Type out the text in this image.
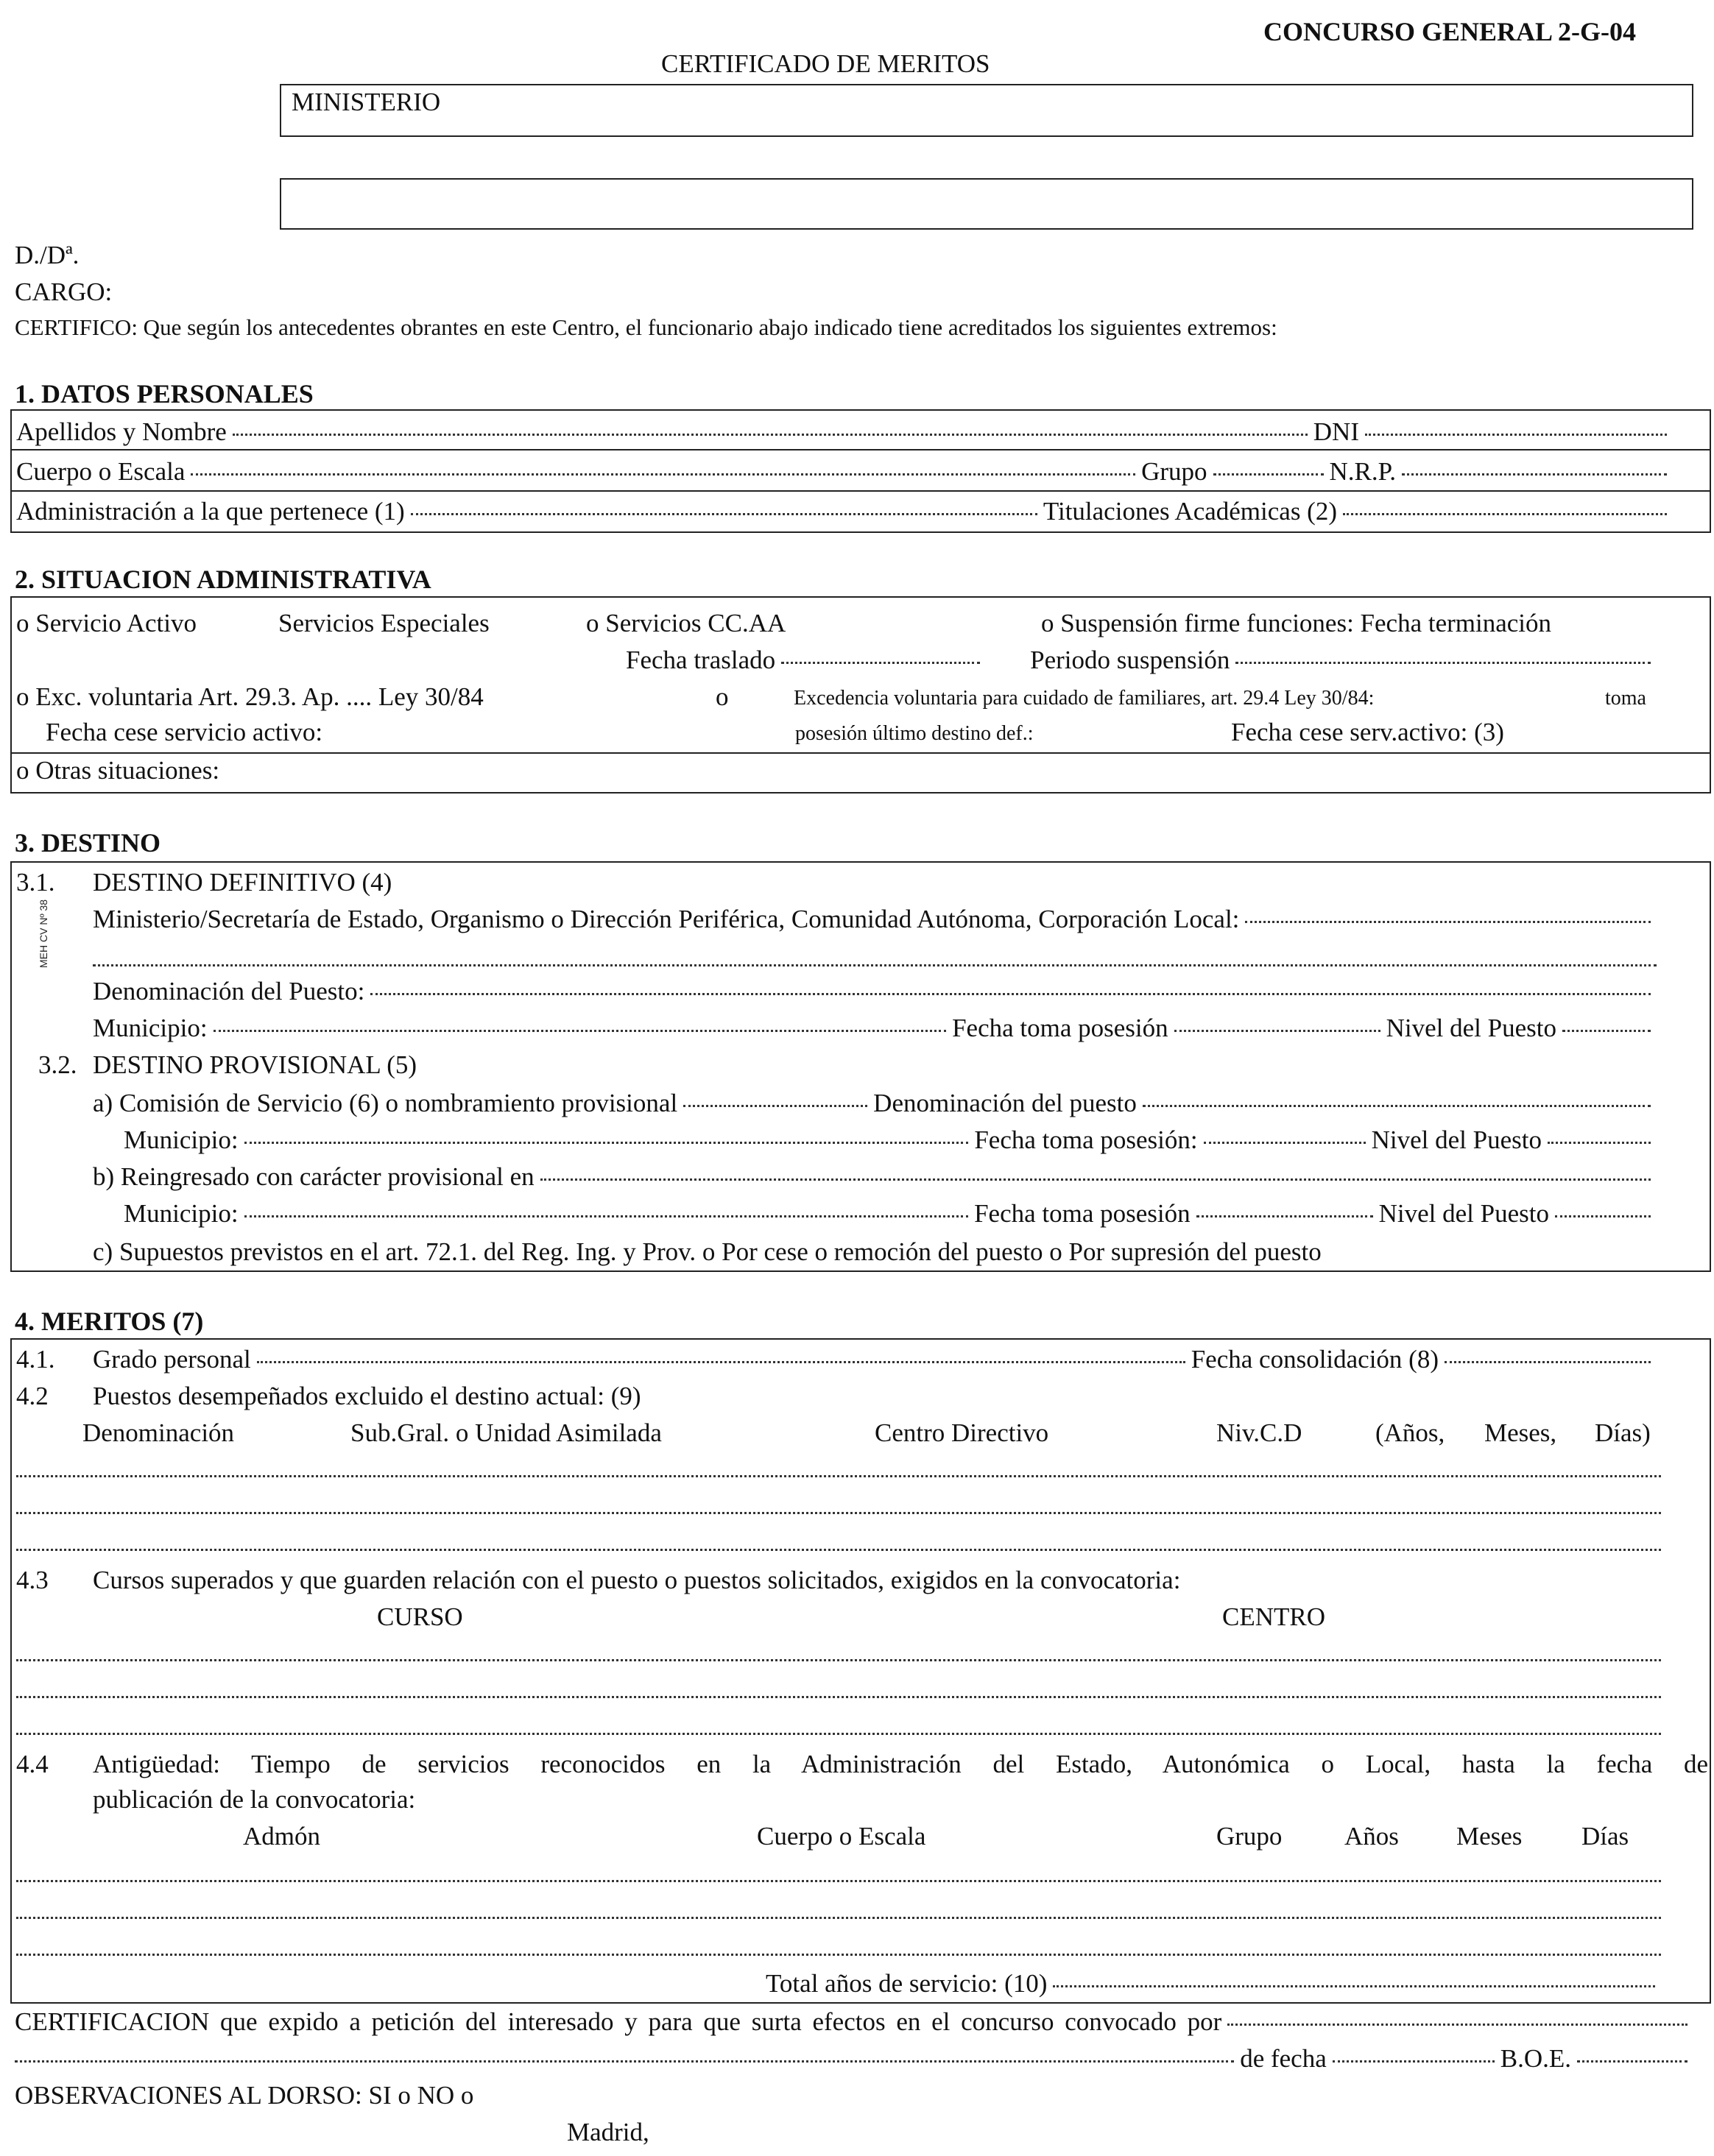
CONCURSO GENERAL 2-G-04
CERTIFICADO DE MERITOS
MINISTERIO
D./Dª.
CARGO:
CERTIFICO: Que según los antecedentes obrantes en este Centro, el funcionario abajo indicado tiene acreditados los siguientes extremos:
1. DATOS PERSONALES
Apellidos y Nombre	DNI
Cuerpo o Escala	Grupo	N.R.P.
Administración a la que pertenece (1)	Titulaciones Académicas (2)
2. SITUACION ADMINISTRATIVA
o Servicio Activo	Servicios Especiales	o Servicios CC.AA	o Suspensión firme funciones: Fecha terminación
Fecha traslado	Periodo suspensión
o Exc. voluntaria Art. 29.3. Ap. .... Ley 30/84	o	Excedencia voluntaria para cuidado de familiares, art. 29.4 Ley 30/84:	toma
Fecha cese servicio activo:	posesión último destino def.:	Fecha cese serv.activo: (3)
o Otras situaciones:
3. DESTINO
MEH CV Nº 38
3.1. DESTINO DEFINITIVO (4)
Ministerio/Secretaría de Estado, Organismo o Dirección Periférica, Comunidad Autónoma, Corporación Local:
Denominación del Puesto:
Municipio:	Fecha toma posesión	Nivel del Puesto
3.2. DESTINO PROVISIONAL (5)
a) Comisión de Servicio (6) o nombramiento provisional	Denominación del puesto
Municipio:	Fecha toma posesión:	Nivel del Puesto
b) Reingresado con carácter provisional en
Municipio:	Fecha toma posesión	Nivel del Puesto
c) Supuestos previstos en el art. 72.1. del Reg. Ing. y Prov. o Por cese o remoción del puesto o Por supresión del puesto
4. MERITOS (7)
4.1. Grado personal	Fecha consolidación (8)
4.2 Puestos desempeñados excluido el destino actual: (9)
Denominación	Sub.Gral. o Unidad Asimilada	Centro Directivo	Niv.C.D	(Años, Meses, Días)
4.3 Cursos superados y que guarden relación con el puesto o puestos solicitados, exigidos en la convocatoria:
CURSO	CENTRO
4.4 Antigüedad: Tiempo de servicios reconocidos en la Administración del Estado, Autonómica o Local, hasta la fecha de
publicación de la convocatoria:
Admón	Cuerpo o Escala	Grupo Años Meses Días
Total años de servicio: (10)
CERTIFICACION que expido a petición del interesado y para que surta efectos en el concurso convocado por
de fecha	B.O.E.
OBSERVACIONES AL DORSO: SI o NO o
Madrid,
